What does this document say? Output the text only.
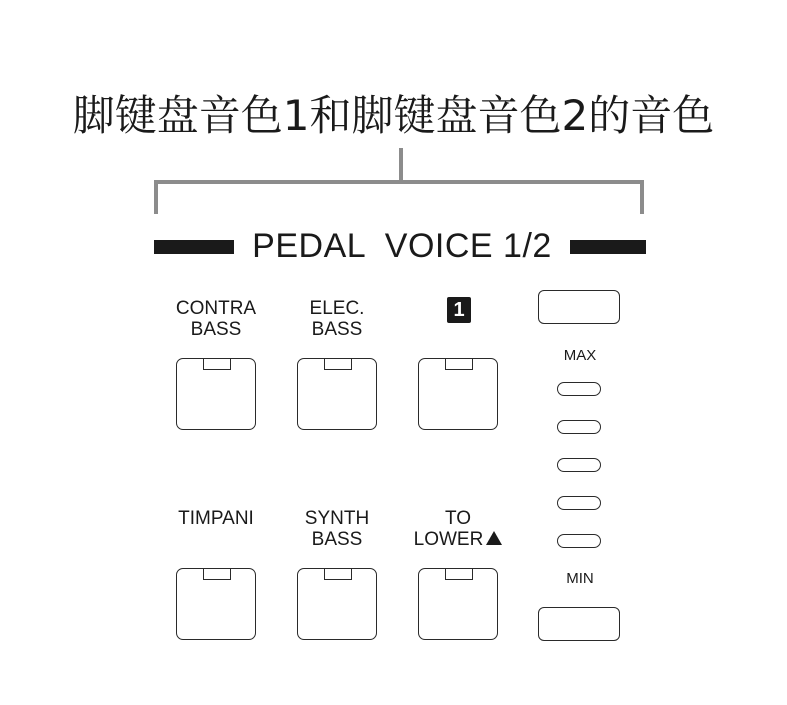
脚键盘音色1和脚键盘音色2的音色
PEDAL  VOICE 1/2
CONTRA
BASS
ELEC.
BASS
1
TIMPANI	SYNTH
BASS
TO
LOWER
MAX
MIN
